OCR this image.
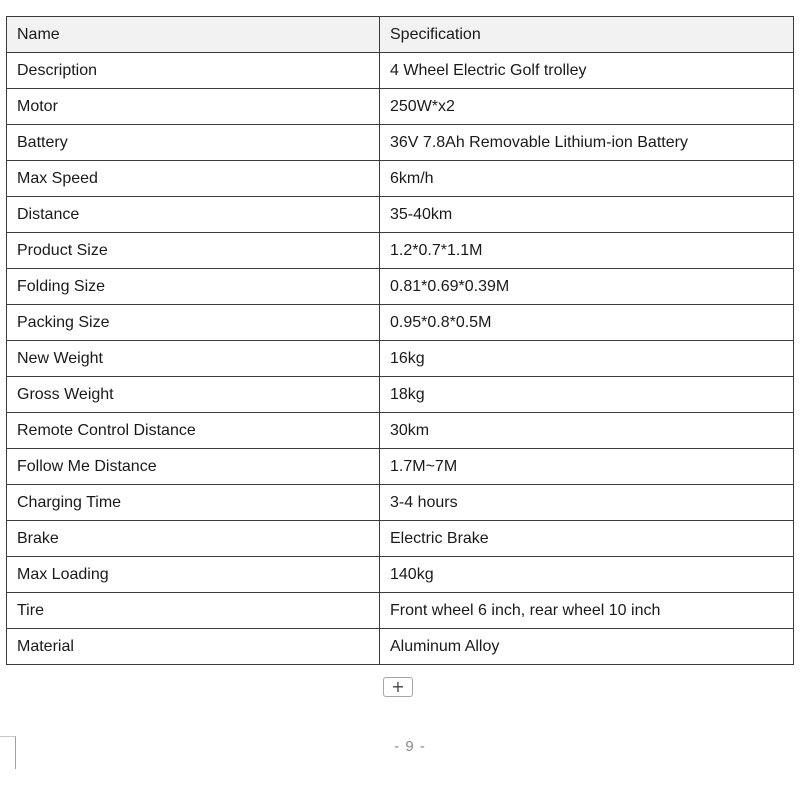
Name	Specification
Description	4 Wheel Electric Golf trolley
Motor	250W*x2
Battery	36V 7.8Ah Removable Lithium-ion Battery
Max Speed	6km/h
Distance	35-40km
Product Size	1.2*0.7*1.1M
Folding Size	0.81*0.69*0.39M
Packing Size	0.95*0.8*0.5M
New Weight	16kg
Gross Weight	18kg
Remote Control Distance	30km
Follow Me Distance	1.7M~7M
Charging Time	3-4 hours
Brake	Electric Brake
Max Loading	140kg
Tire	Front wheel 6 inch, rear wheel 10 inch
Material	Aluminum Alloy
+
- 9 -
